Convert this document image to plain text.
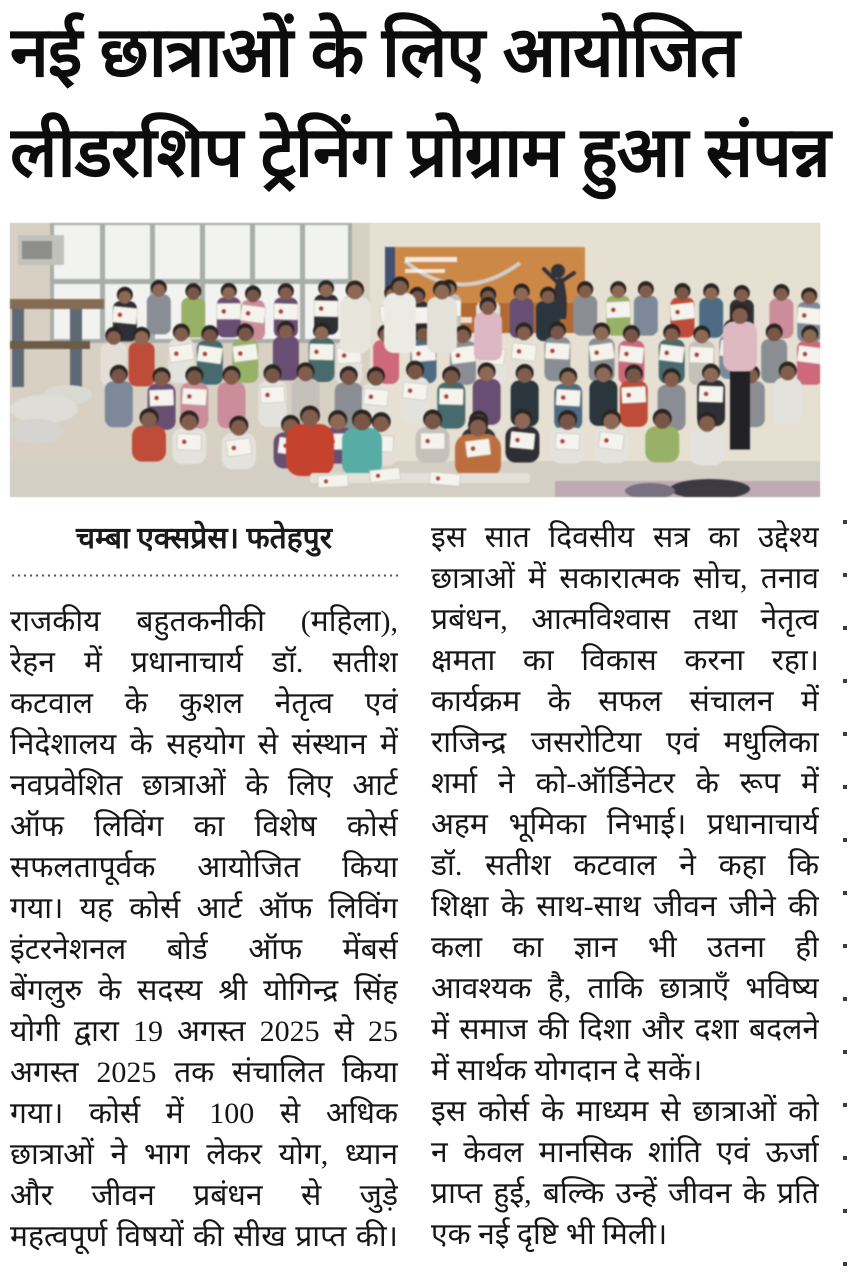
नई छात्राओं के लिए आयोजित
लीडरशिप ट्रेनिंग प्रोग्राम हुआ संपन्न
चम्बा एक्सप्रेस। फतेहपुर
राजकीय बहुतकनीकी (महिला),
रेहन में प्रधानाचार्य डॉ. सतीश
कटवाल के कुशल नेतृत्व एवं
निदेशालय के सहयोग से संस्थान में
नवप्रवेशित छात्राओं के लिए आर्ट
ऑफ लिविंग का विशेष कोर्स
सफलतापूर्वक आयोजित किया
गया। यह कोर्स आर्ट ऑफ लिविंग
इंटरनेशनल बोर्ड ऑफ मेंबर्स
बेंगलुरु के सदस्य श्री योगिन्द्र सिंह
योगी द्वारा 19 अगस्त 2025 से 25
अगस्त 2025 तक संचालित किया
गया। कोर्स में 100 से अधिक
छात्राओं ने भाग लेकर योग, ध्यान
और जीवन प्रबंधन से जुड़े
महत्वपूर्ण विषयों की सीख प्राप्त की।
इस सात दिवसीय सत्र का उद्देश्य
छात्राओं में सकारात्मक सोच, तनाव
प्रबंधन, आत्मविश्वास तथा नेतृत्व
क्षमता का विकास करना रहा।
कार्यक्रम के सफल संचालन में
राजिन्द्र जसरोटिया एवं मधुलिका
शर्मा ने को-ऑर्डिनेटर के रूप में
अहम भूमिका निभाई। प्रधानाचार्य
डॉ. सतीश कटवाल ने कहा कि
शिक्षा के साथ-साथ जीवन जीने की
कला का ज्ञान भी उतना ही
आवश्यक है, ताकि छात्राएँ भविष्य
में समाज की दिशा और दशा बदलने
में सार्थक योगदान दे सकें।
इस कोर्स के माध्यम से छात्राओं को
न केवल मानसिक शांति एवं ऊर्जा
प्राप्त हुई, बल्कि उन्हें जीवन के प्रति
एक नई दृष्टि भी मिली।
